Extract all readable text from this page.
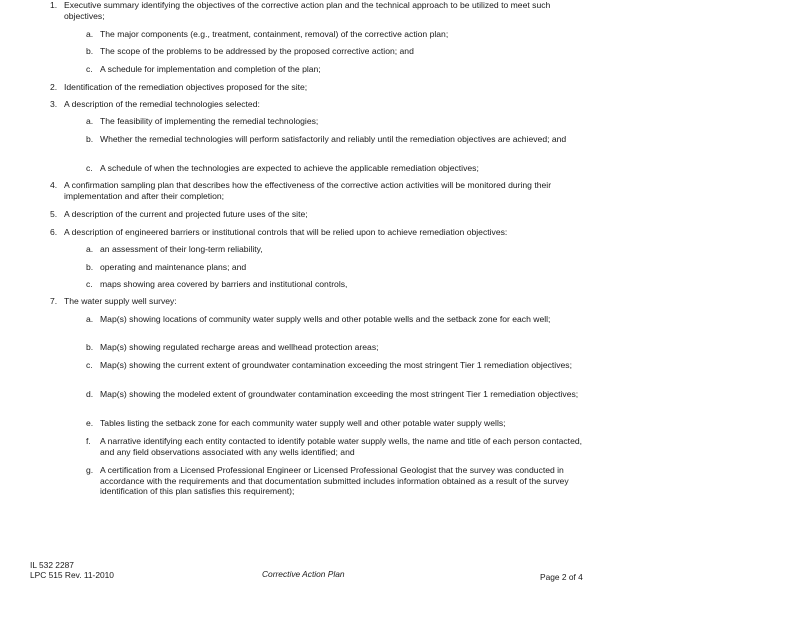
1. Executive summary identifying the objectives of the corrective action plan and the technical approach to be utilized to meet such objectives;
a. The major components (e.g., treatment, containment, removal) of the corrective action plan;
b. The scope of the problems to be addressed by the proposed corrective action; and
c. A schedule for implementation and completion of the plan;
2. Identification of the remediation objectives proposed for the site;
3. A description of the remedial technologies selected:
a. The feasibility of implementing the remedial technologies;
b. Whether the remedial technologies will perform satisfactorily and reliably until the remediation objectives are achieved; and
c. A schedule of when the technologies are expected to achieve the applicable remediation objectives;
4. A confirmation sampling plan that describes how the effectiveness of the corrective action activities will be monitored during their implementation and after their completion;
5. A description of the current and projected future uses of the site;
6. A description of engineered barriers or institutional controls that will be relied upon to achieve remediation objectives:
a. an assessment of their long-term reliability,
b. operating and maintenance plans; and
c. maps showing area covered by barriers and institutional controls,
7. The water supply well survey:
a. Map(s) showing locations of community water supply wells and other potable wells and the setback zone for each well;
b. Map(s) showing regulated recharge areas and wellhead protection areas;
c. Map(s) showing the current extent of groundwater contamination exceeding the most stringent Tier 1 remediation objectives;
d. Map(s) showing the modeled extent of groundwater contamination exceeding the most stringent Tier 1 remediation objectives;
e. Tables listing the setback zone for each community water supply well and other potable water supply wells;
f.	A narrative identifying each entity contacted to identify potable water supply wells, the name and title of each person contacted, and any field observations associated with any wells identified; and
g. A certification from a Licensed Professional Engineer or Licensed Professional Geologist that the survey was conducted in accordance with the requirements and that documentation submitted includes information obtained as a result of the survey identification of this plan satisfies this requirement);
IL 532 2287
LPC 515 Rev. 11-2010	Corrective Action Plan	Page 2 of 4
